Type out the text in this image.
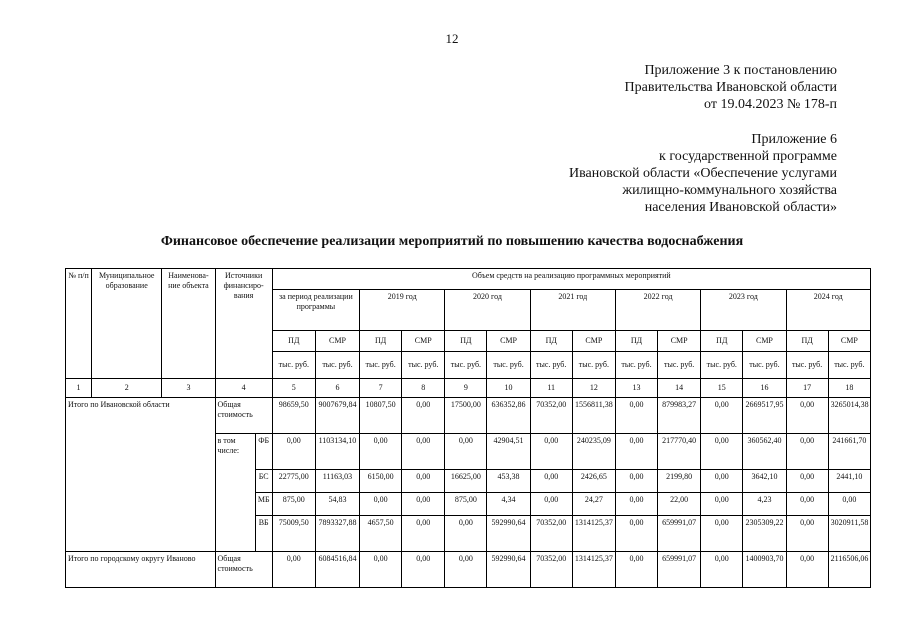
12
Приложение 3 к постановлению
Правительства Ивановской области
от 19.04.2023 № 178-п
Приложение 6
к государственной программе
Ивановской области «Обеспечение услугами
жилищно-коммунального хозяйства
населения Ивановской области»
Финансовое обеспечение реализации мероприятий по повышению качества водоснабжения
№ п/п	Муниципальное образование	Наименова-ние объекта	Источники финансиро-вания		Объем средств на реализацию программных мероприятий													
					за период реализации программы		2019 год		2020 год		2021 год		2022 год		2023 год		2024 год	
					ПД	СМР	ПД	СМР	ПД	СМР	ПД	СМР	ПД	СМР	ПД	СМР	ПД	СМР
					тыс. руб.	тыс. руб.	тыс. руб.	тыс. руб.	тыс. руб.	тыс. руб.	тыс. руб.	тыс. руб.	тыс. руб.	тыс. руб.	тыс. руб.	тыс. руб.	тыс. руб.	тыс. руб.
1	2	3	4		5	6	7	8	9	10	11	12	13	14	15	16	17	18
Итого по Ивановской области			Общая стоимость		98659,50	9007679,84	10807,50	0,00	17500,00	636352,86	70352,00	1556811,38	0,00	879983,27	0,00	2669517,95	0,00	3265014,38
			в том числе:	ФБ	0,00	1103134,10	0,00	0,00	0,00	42904,51	0,00	240235,09	0,00	217770,40	0,00	360562,40	0,00	241661,70
				БС	22775,00	11163,03	6150,00	0,00	16625,00	453,38	0,00	2426,65	0,00	2199,80	0,00	3642,10	0,00	2441,10
				МБ	875,00	54,83	0,00	0,00	875,00	4,34	0,00	24,27	0,00	22,00	0,00	4,23	0,00	0,00
				ВБ	75009,50	7893327,88	4657,50	0,00	0,00	592990,64	70352,00	1314125,37	0,00	659991,07	0,00	2305309,22	0,00	3020911,58
Итого по городскому округу Иваново			Общая стоимость		0,00	6084516,84	0,00	0,00	0,00	592990,64	70352,00	1314125,37	0,00	659991,07	0,00	1400903,70	0,00	2116506,06
